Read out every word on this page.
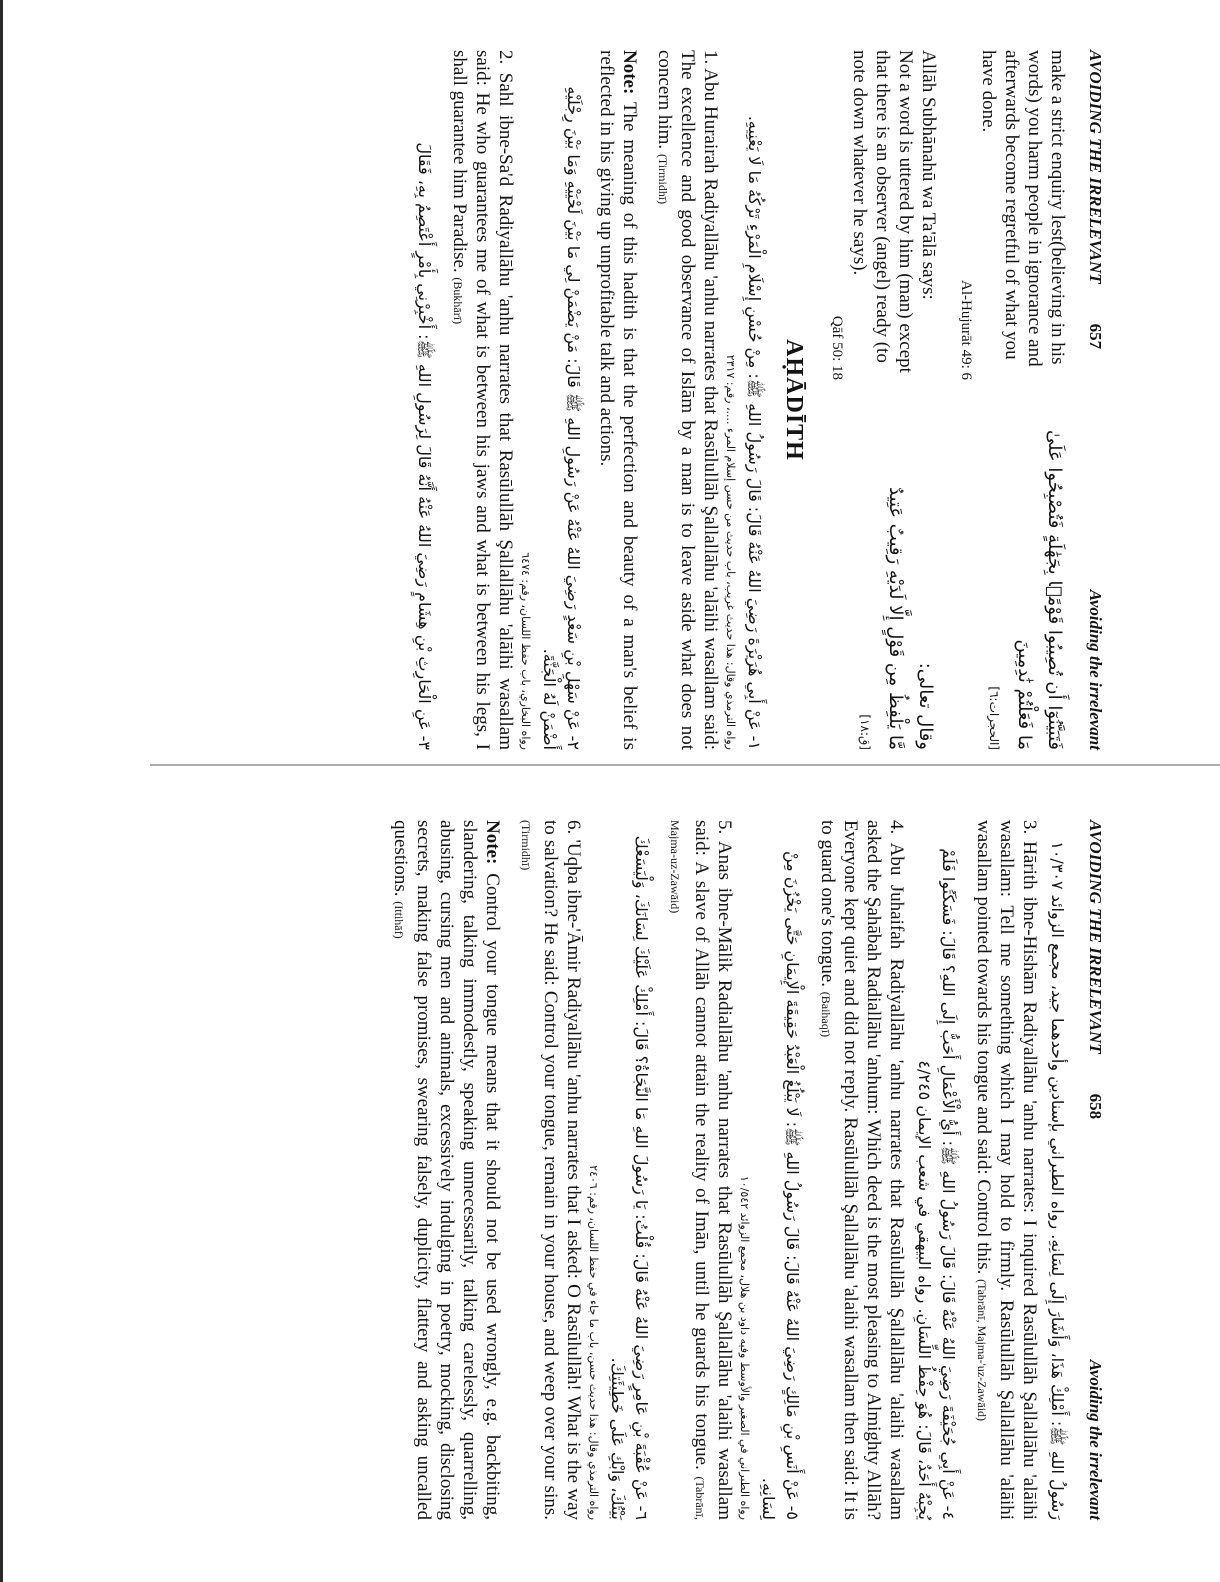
AVOIDING THE IRRELEVANT
657
Avoiding the irrelevant
make a strict enquiry lest(believing in his words) you harm people in ignorance and afterwards become regretful of what you have done.
Al-Hujurāt 49: 6
فَتَبَيَّنُوٓا أَن تُصِيبُوا قَوْمًۢا بِجَهَٰلَةٍ فَتُصْبِحُوا عَلَىٰ مَا فَعَلْتُمْ نَٰدِمِينَ
[الحجرات:٦]
Allāh Subhānahū wa Ta'ālā says:
Not a word is uttered by him (man) except that there is an observer (angel) ready (to note down whatever he says).
Qāf 50: 18
وقال تعالى:
مَّا يَلْفِظُ مِن قَوْلٍ إِلَّا لَدَيْهِ رَقِيبٌ عَتِيدٌ
[ق:١٨]
AḤĀDĪTH
١- عَنْ أَبِي هُرَيْرَةَ رَضِيَ اللهُ عَنْهُ قَالَ: قَالَ رَسُولُ اللهِ ﷺ: مِنْ حُسْنِ إِسْلَامِ الْمَرْءِ تَرْكُهُ مَا لَا يَعْنِيهِ.
رواه الترمذي وقال: هذا حديث غريب، باب حديث من حسن إسلام المرء ....، رقم: ٢٣١٧

1. Abu Hurairah Radiyallāhu 'anhu narrates that Rasūlullāh Şallallāhu 'alāihi wasallam said: The excellence and good observance of Islām by a man is to leave aside what does not concern him. (Tirmidhī)

Note: The meaning of this hadith is that the perfection and beauty of a man's belief is reflected in his giving up unprofitable talk and actions.

٢- عَنْ سَهْلِ بْنِ سَعْدٍ رَضِيَ اللهُ عَنْهُ عَنْ رَسُولِ اللهِ ﷺ قَالَ: مَنْ يَضْمَنْ لِي مَا بَيْنَ لَحْيَيْهِ وَمَا بَيْنَ رِجْلَيْهِ أَضْمَنْ لَهُ الْجَنَّةَ.
رواه البخاري، باب حفظ اللسان، رقم: ٦٤٧٤

2. Sahl ibne-Sa'd Radiyallāhu 'anhu narrates that Rasūlullāh Şallallāhu 'alāihi wasallam said: He who guarantees me of what is between his jaws and what is between his legs, I shall guarantee him Paradise. (Bukhārī)

٣- عَنِ الْحَارِثِ بْنِ هِشَامٍ رَضِيَ اللهُ عَنْهُ أَنَّهُ قَالَ لِرَسُولِ اللهِ ﷺ: أَخْبِرْنِي بِأَمْرٍ أَعْتَصِمُ بِهِ، فَقَالَ
AVOIDING THE IRRELEVANT
658
Avoiding the irrelevant
رَسُولُ اللهِ ﷺ: أَمْلِكْ هَذَا، وَأَشَارَ إِلَى لِسَانِهِ. رواه الطبراني بإسنادين وأحدهما جيد، مجمع الزوائد ١٠/٣٠٧

3. Hārith ibne-Hishām Radiyallāhu 'anhu narrates: I inquired Rasūlullāh Şallallāhu 'alāihi wasallam: Tell me something which I may hold to firmly. Rasūlullāh Şallallāhu 'alāihi wasallam pointed towards his tongue and said: Control this. (Tabrānī, Majma-'uz-Zawāid)

٤- عَنْ أَبِي جُحَيْفَةَ رَضِيَ اللهُ عَنْهُ قَالَ: قَالَ رَسُولُ اللهِ ﷺ: أَيُّ الْأَعْمَالِ أَحَبُّ إِلَى اللهِ؟ قَالَ: فَسَكَتُوا فَلَمْ يُجِبْهُ أَحَدٌ، قَالَ: هُوَ حِفْظُ اللِّسَانِ. رواه البيهقي في شعب الإيمان ٤/٢٤٥

4. Abu Juhaifah Radiyallāhu 'anhu narrates that Rasūlullāh Şallallāhu 'alaihi wasallam asked the Şahābah Radiallāhu 'anhum: Which deed is the most pleasing to Almighty Allāh? Everyone kept quiet and did not reply. Rasūlullāh Şallallāhu 'alaihi wasallam then said: It is to guard one's tongue. (Baihaqī)

٥- عَنْ أَنَسِ بْنِ مَالِكٍ رَضِيَ اللهُ عَنْهُ قَالَ: قَالَ رَسُولُ اللهِ ﷺ: لَا يَبْلُغُ الْعَبْدُ حَقِيقَةَ الْإِيمَانِ حَتَّى يَخْزُنَ مِنْ لِسَانِهِ.
رواه الطبراني في الصغير والأوسط وفيه داود بن هلال، مجمع الزوائد ١٠/٥٤٢

5. Anas ibne-Mālik Radiallāhu 'anhu narrates that Rasūlullāh Şallallāhu 'alaihi wasallam said: A slave of Allāh cannot attain the reality of Imān, until he guards his tongue. (Tabrānī, Majma-uz-Zawāid)

٦- عَنْ عُقْبَةَ بْنِ عَامِرٍ رَضِيَ اللهُ عَنْهُ قَالَ: قُلْتُ: يَا رَسُولَ اللهِ مَا النَّجَاةُ؟ قَالَ: أَمْلِكْ عَلَيْكَ لِسَانَكَ، وَلْيَسَعْكَ بَيْتُكَ، وَابْكِ عَلَى خَطِيئَتِكَ.
رواه الترمذي وقال: هذا حديث حسن، باب ما جاء في حفظ اللسان، رقم: ٢٤٠٦

6. 'Uqba ibne-'Āmir Radiyallāhu 'anhu narrates that I asked: O Rasūlullāh! What is the way to salvation? He said: Control your tongue, remain in your house, and weep over your sins. (Tirmidhī)

Note: Control your tongue means that it should not be used wrongly, e.g. backbiting, slandering, talking immodestly, speaking unnecessarily, talking carelessly, quarrelling, abusing, cursing men and animals, excessively indulging in poetry, mocking, disclosing secrets, making false promises, swearing falsely, duplicity, flattery and asking uncalled questions. (Ittihāf)
